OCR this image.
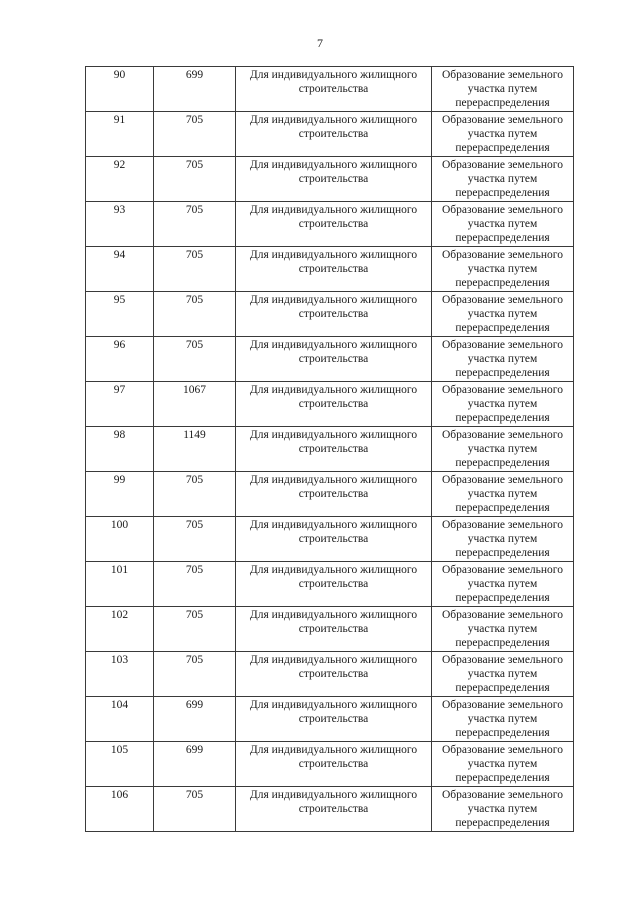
7
90	699	Для индивидуального жилищного строительства	Образование земельного участка путем перераспределения
91	705	Для индивидуального жилищного строительства	Образование земельного участка путем перераспределения
92	705	Для индивидуального жилищного строительства	Образование земельного участка путем перераспределения
93	705	Для индивидуального жилищного строительства	Образование земельного участка путем перераспределения
94	705	Для индивидуального жилищного строительства	Образование земельного участка путем перераспределения
95	705	Для индивидуального жилищного строительства	Образование земельного участка путем перераспределения
96	705	Для индивидуального жилищного строительства	Образование земельного участка путем перераспределения
97	1067	Для индивидуального жилищного строительства	Образование земельного участка путем перераспределения
98	1149	Для индивидуального жилищного строительства	Образование земельного участка путем перераспределения
99	705	Для индивидуального жилищного строительства	Образование земельного участка путем перераспределения
100	705	Для индивидуального жилищного строительства	Образование земельного участка путем перераспределения
101	705	Для индивидуального жилищного строительства	Образование земельного участка путем перераспределения
102	705	Для индивидуального жилищного строительства	Образование земельного участка путем перераспределения
103	705	Для индивидуального жилищного строительства	Образование земельного участка путем перераспределения
104	699	Для индивидуального жилищного строительства	Образование земельного участка путем перераспределения
105	699	Для индивидуального жилищного строительства	Образование земельного участка путем перераспределения
106	705	Для индивидуального жилищного строительства	Образование земельного участка путем перераспределения
